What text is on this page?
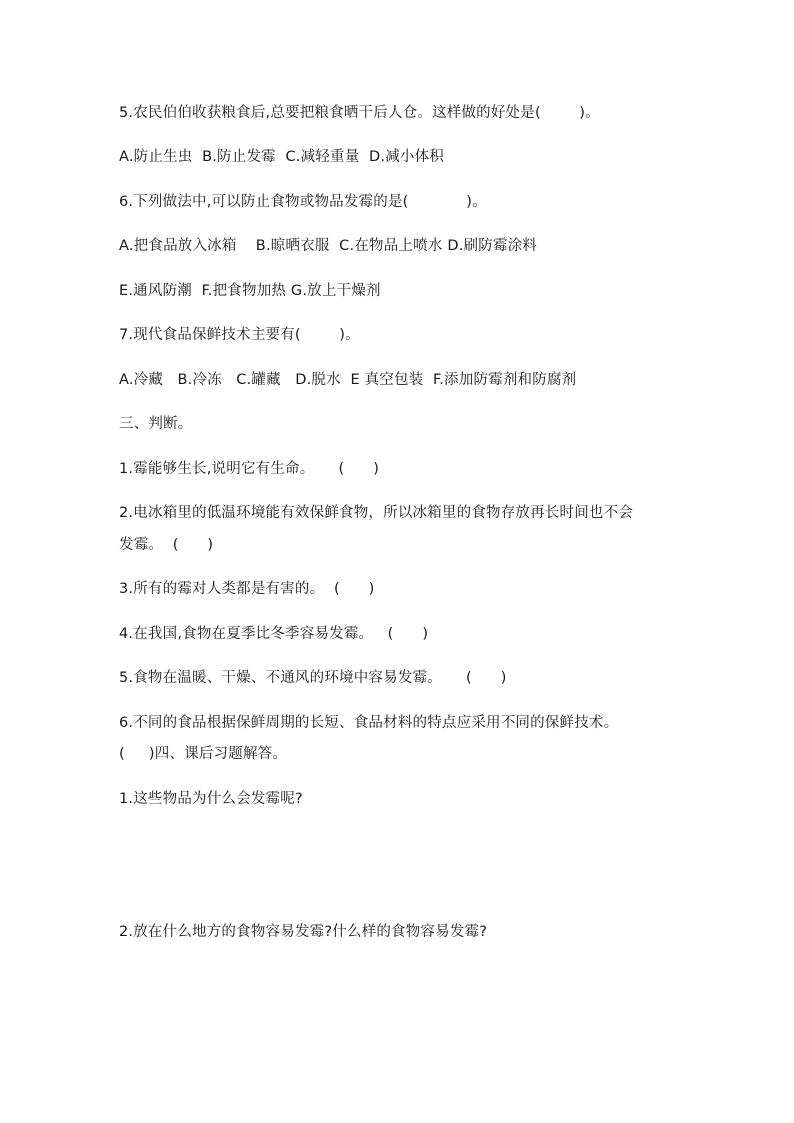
5.农民伯伯收获粮食后,总要把粮食晒干后人仓。这样做的好处是(        )。
A.防止生虫  B.防止发霉  C.减轻重量  D.减小体积
6.下列做法中,可以防止食物或物品发霉的是(            )。
A.把食品放入冰箱    B.晾晒衣服  C.在物品上喷水 D.刷防霉涂料
E.通风防潮  F.把食物加热 G.放上干燥剂
7.现代食品保鲜技术主要有(        )。
A.冷藏   B.冷冻   C.罐藏   D.脱水  E 真空包装  F.添加防霉剂和防腐剂
三、判断。
1.霉能够生长,说明它有生命。     (      )
2.电冰箱里的低温环境能有效保鲜食物，所以冰箱里的食物存放再长时间也不会
发霉。  (      )
3.所有的霉对人类都是有害的。  (      )
4.在我国,食物在夏季比冬季容易发霉。   (      )
5.食物在温暖、干燥、不通风的环境中容易发霉。     (      )
6.不同的食品根据保鲜周期的长短、食品材料的特点应采用不同的保鲜技术。
(     )四、课后习题解答。
1.这些物品为什么会发霉呢?
2.放在什么地方的食物容易发霉?什么样的食物容易发霉?
